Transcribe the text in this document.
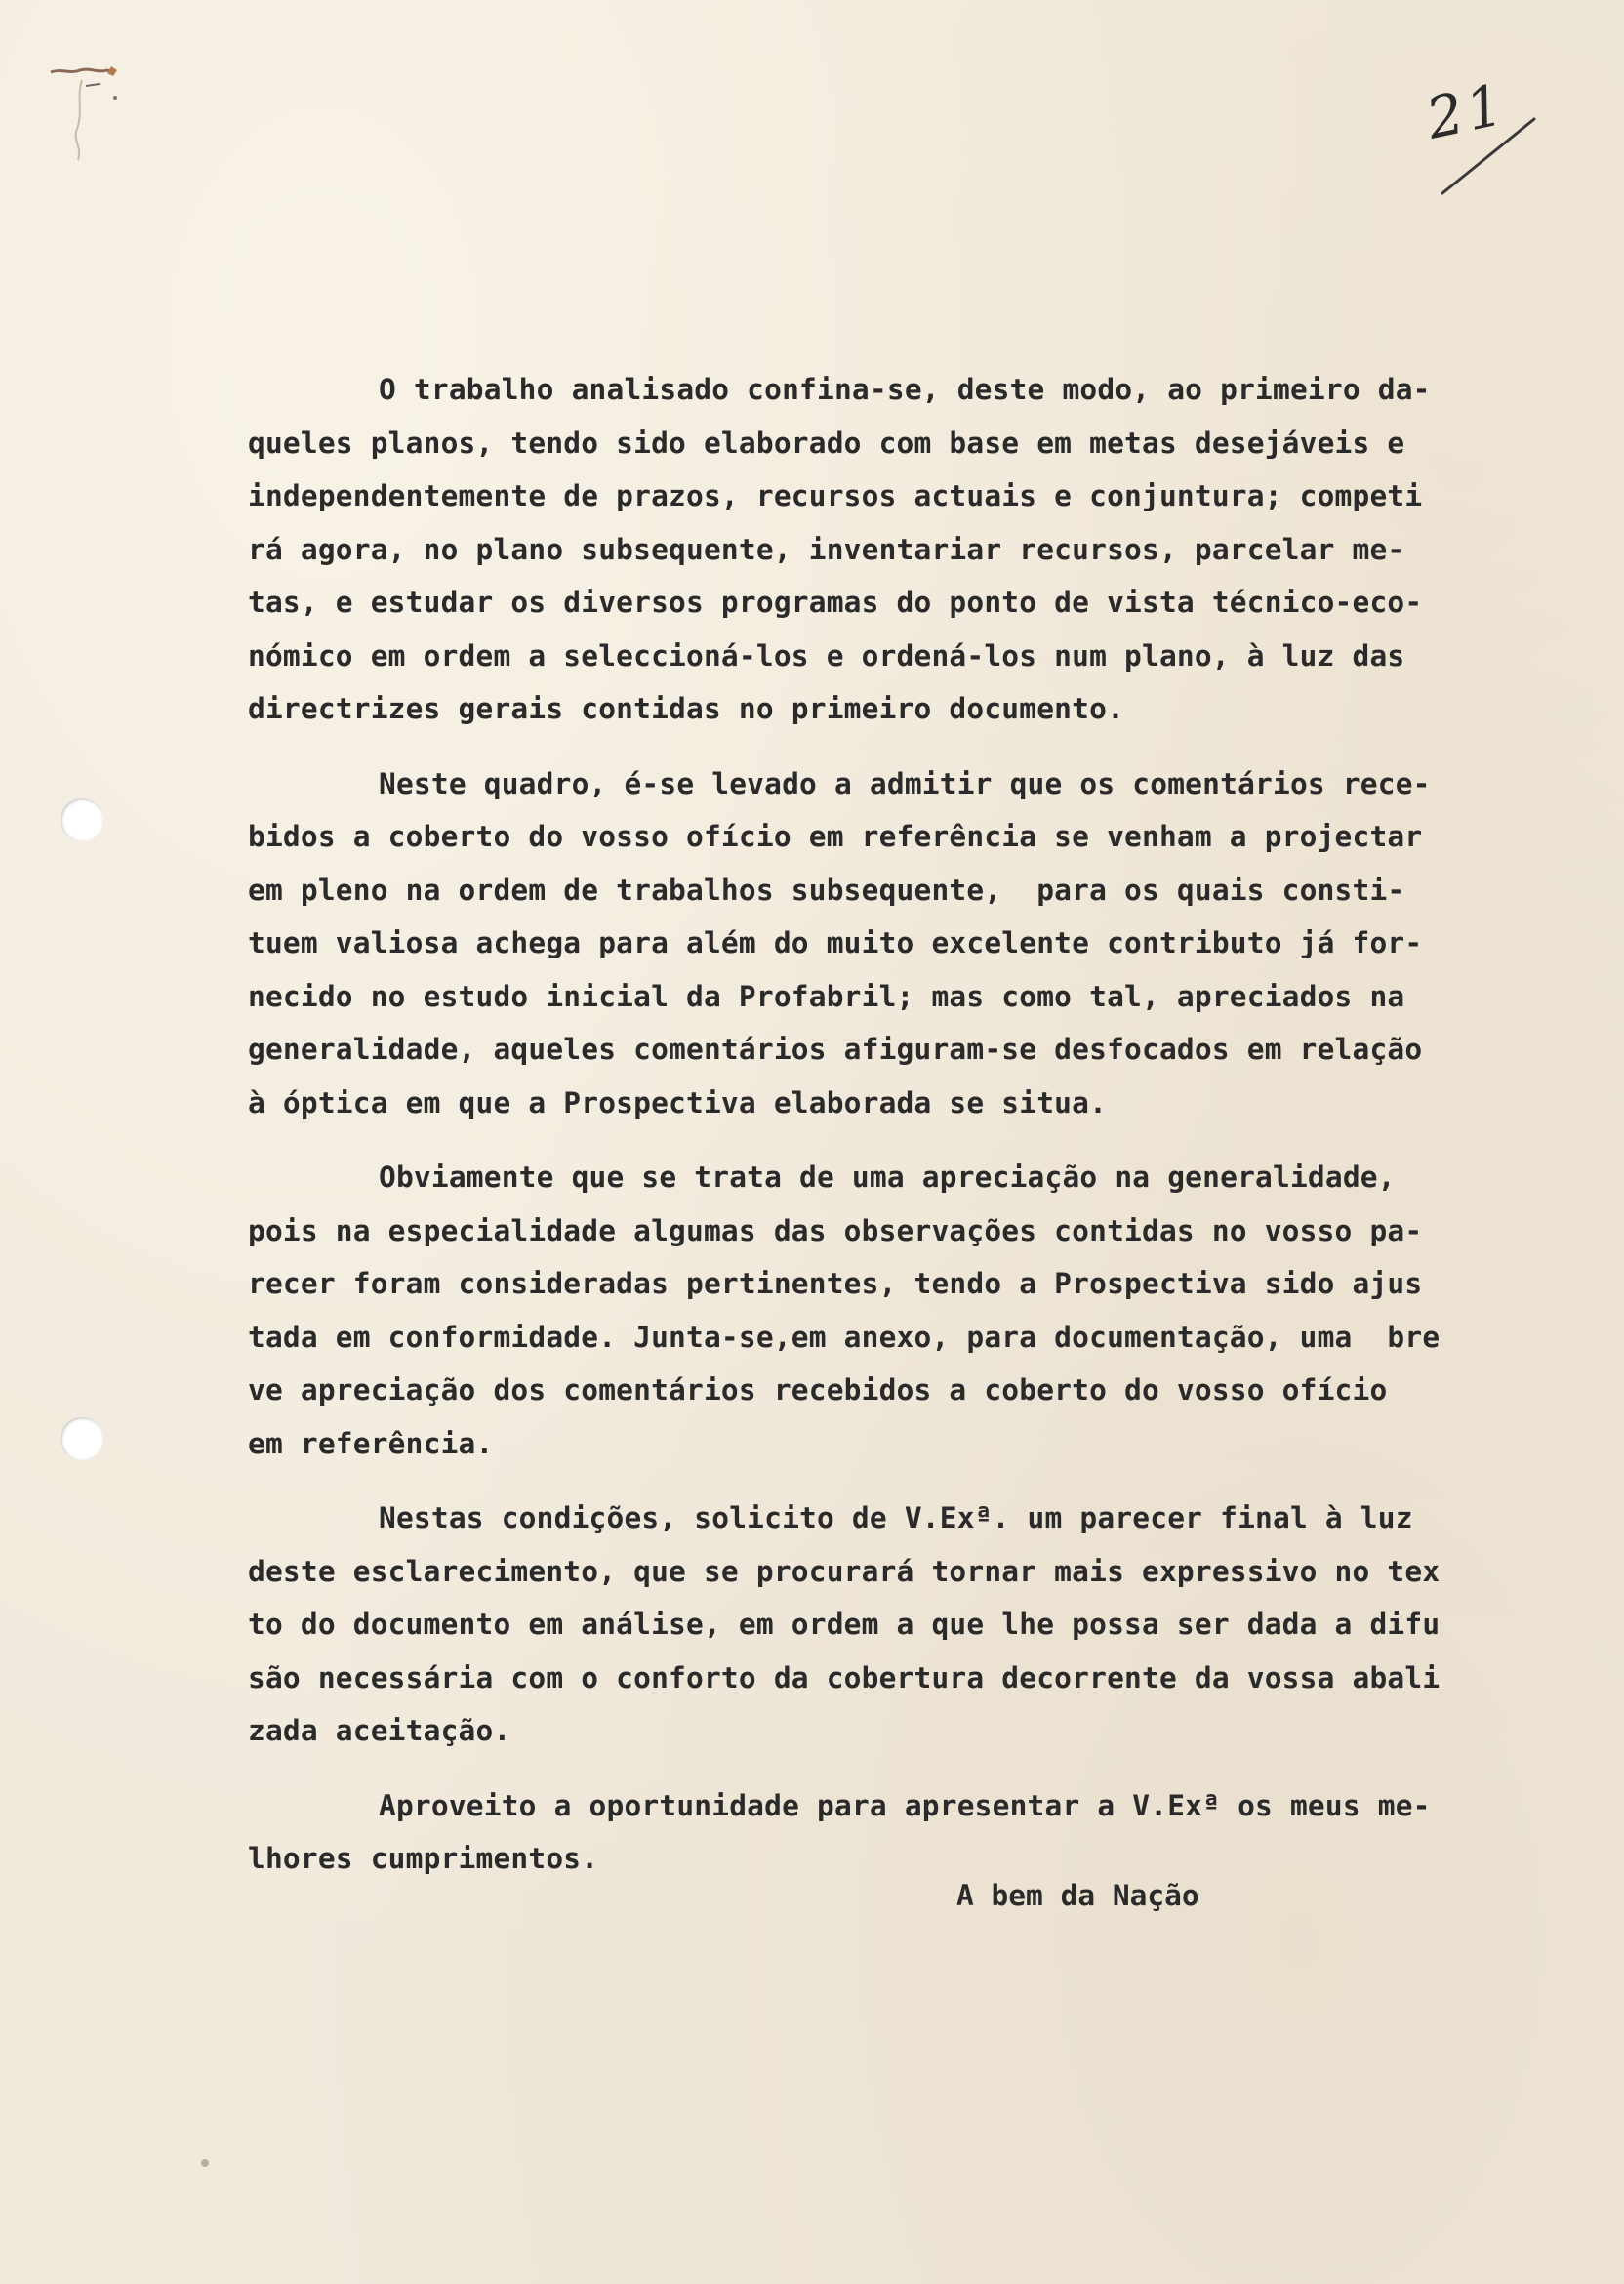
21
O trabalho analisado confina-se, deste modo, ao primeiro da-
queles planos, tendo sido elaborado com base em metas desejáveis e
independentemente de prazos, recursos actuais e conjuntura; competi
rá agora, no plano subsequente, inventariar recursos, parcelar me-
tas, e estudar os diversos programas do ponto de vista técnico-eco-
nómico em ordem a seleccioná-los e ordená-los num plano, à luz das
directrizes gerais contidas no primeiro documento.
Neste quadro, é-se levado a admitir que os comentários rece-
bidos a coberto do vosso ofício em referência se venham a projectar
em pleno na ordem de trabalhos subsequente,  para os quais consti-
tuem valiosa achega para além do muito excelente contributo já for-
necido no estudo inicial da Profabril; mas como tal, apreciados na
generalidade, aqueles comentários afiguram-se desfocados em relação
à óptica em que a Prospectiva elaborada se situa.
Obviamente que se trata de uma apreciação na generalidade,
pois na especialidade algumas das observações contidas no vosso pa-
recer foram consideradas pertinentes, tendo a Prospectiva sido ajus
tada em conformidade. Junta-se,em anexo, para documentação, uma  bre
ve apreciação dos comentários recebidos a coberto do vosso ofício
em referência.
Nestas condições, solicito de V.Exª. um parecer final à luz
deste esclarecimento, que se procurará tornar mais expressivo no tex
to do documento em análise, em ordem a que lhe possa ser dada a difu
são necessária com o conforto da cobertura decorrente da vossa abali
zada aceitação.
Aproveito a oportunidade para apresentar a V.Exª os meus me-
lhores cumprimentos.
A bem da Nação
